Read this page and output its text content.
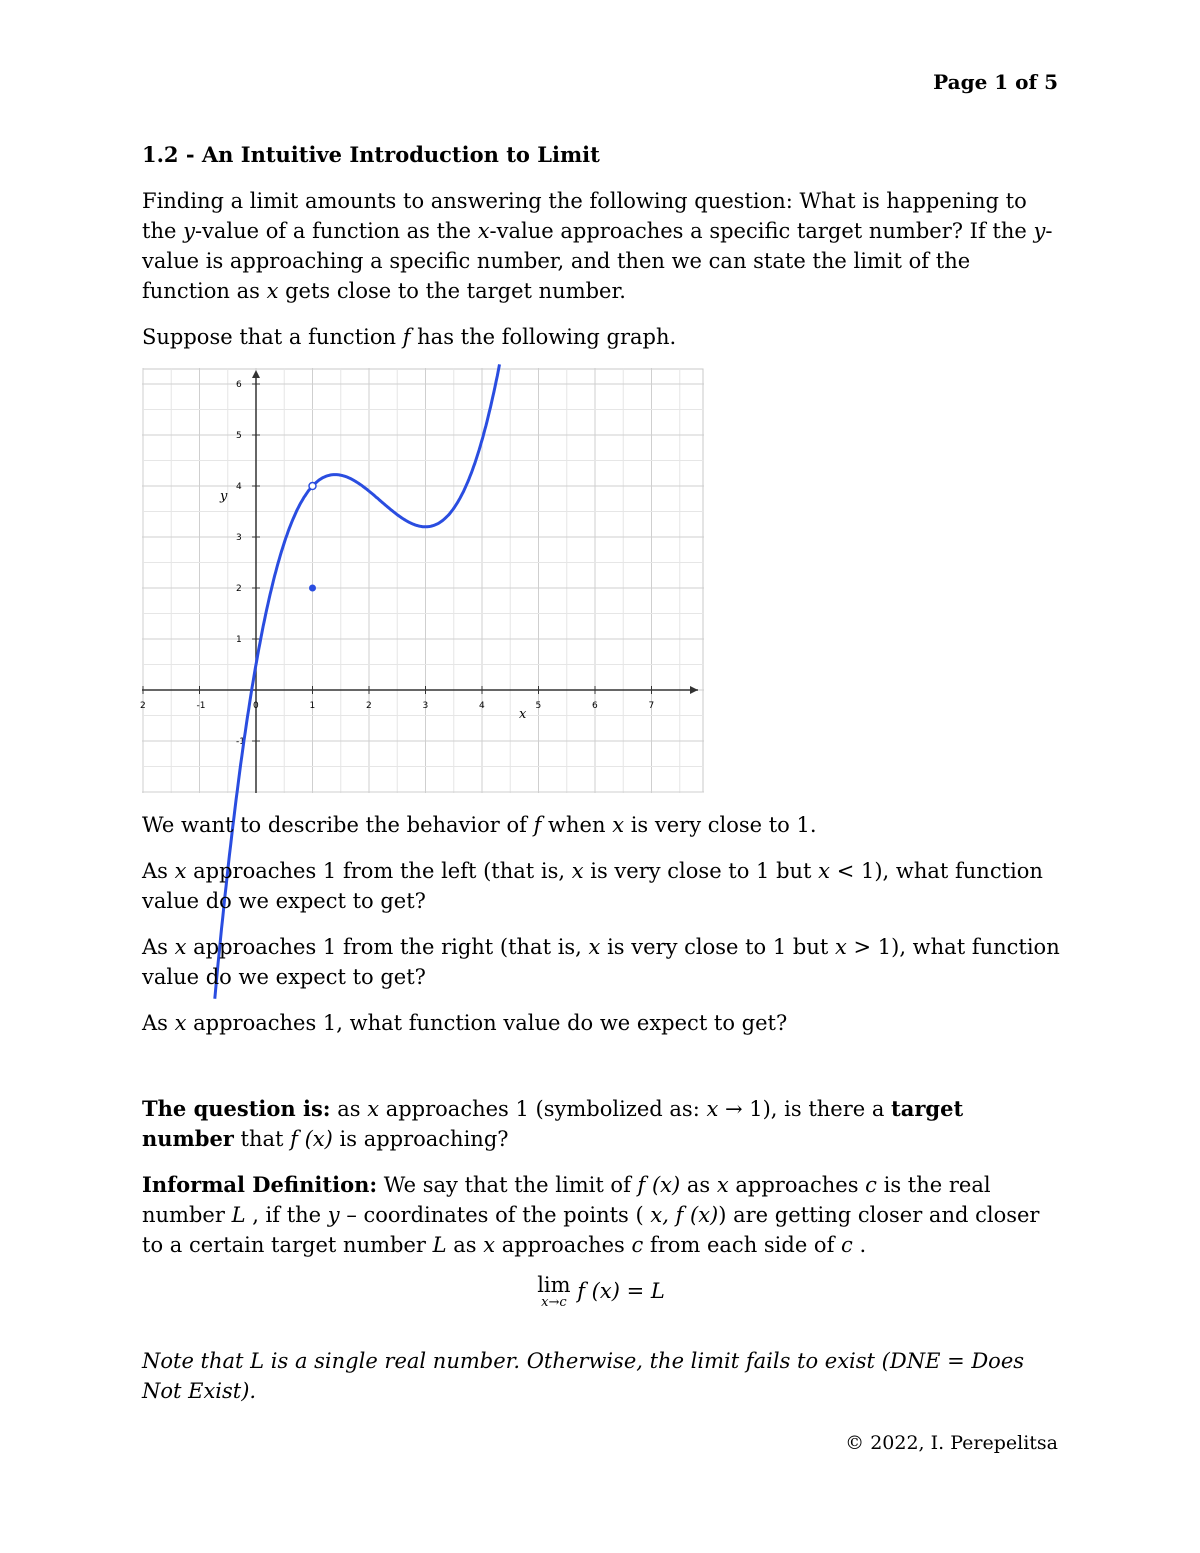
Page 1 of 5
1.2 - An Intuitive Introduction to Limit

Finding a limit amounts to answering the following question: What is happening to the y-value of a function as the x-value approaches a specific target number? If the y-value is approaching a specific number, and then we can state the limit of the function as x gets close to the target number.

Suppose that a function f has the following graph.

2	-1	0	1	2	3	4	5	6	7
6
5
4
3
2
1
-1
y
x

We want to describe the behavior of f when x is very close to 1.

As x approaches 1 from the left (that is, x is very close to 1 but x < 1), what function value do we expect to get?

As x approaches 1 from the right (that is, x is very close to 1 but x > 1), what function value do we expect to get?

As x approaches 1, what function value do we expect to get?

The question is: as x approaches 1 (symbolized as: x → 1), is there a target number that f (x) is approaching?

Informal Definition: We say that the limit of f (x) as x approaches c is the real number L , if the y – coordinates of the points ( x, f (x)) are getting closer and closer to a certain target number L as x approaches c from each side of c .

lim
x→c f (x) = L

Note that L is a single real number. Otherwise, the limit fails to exist (DNE = Does Not Exist).

© 2022, I. Perepelitsa
